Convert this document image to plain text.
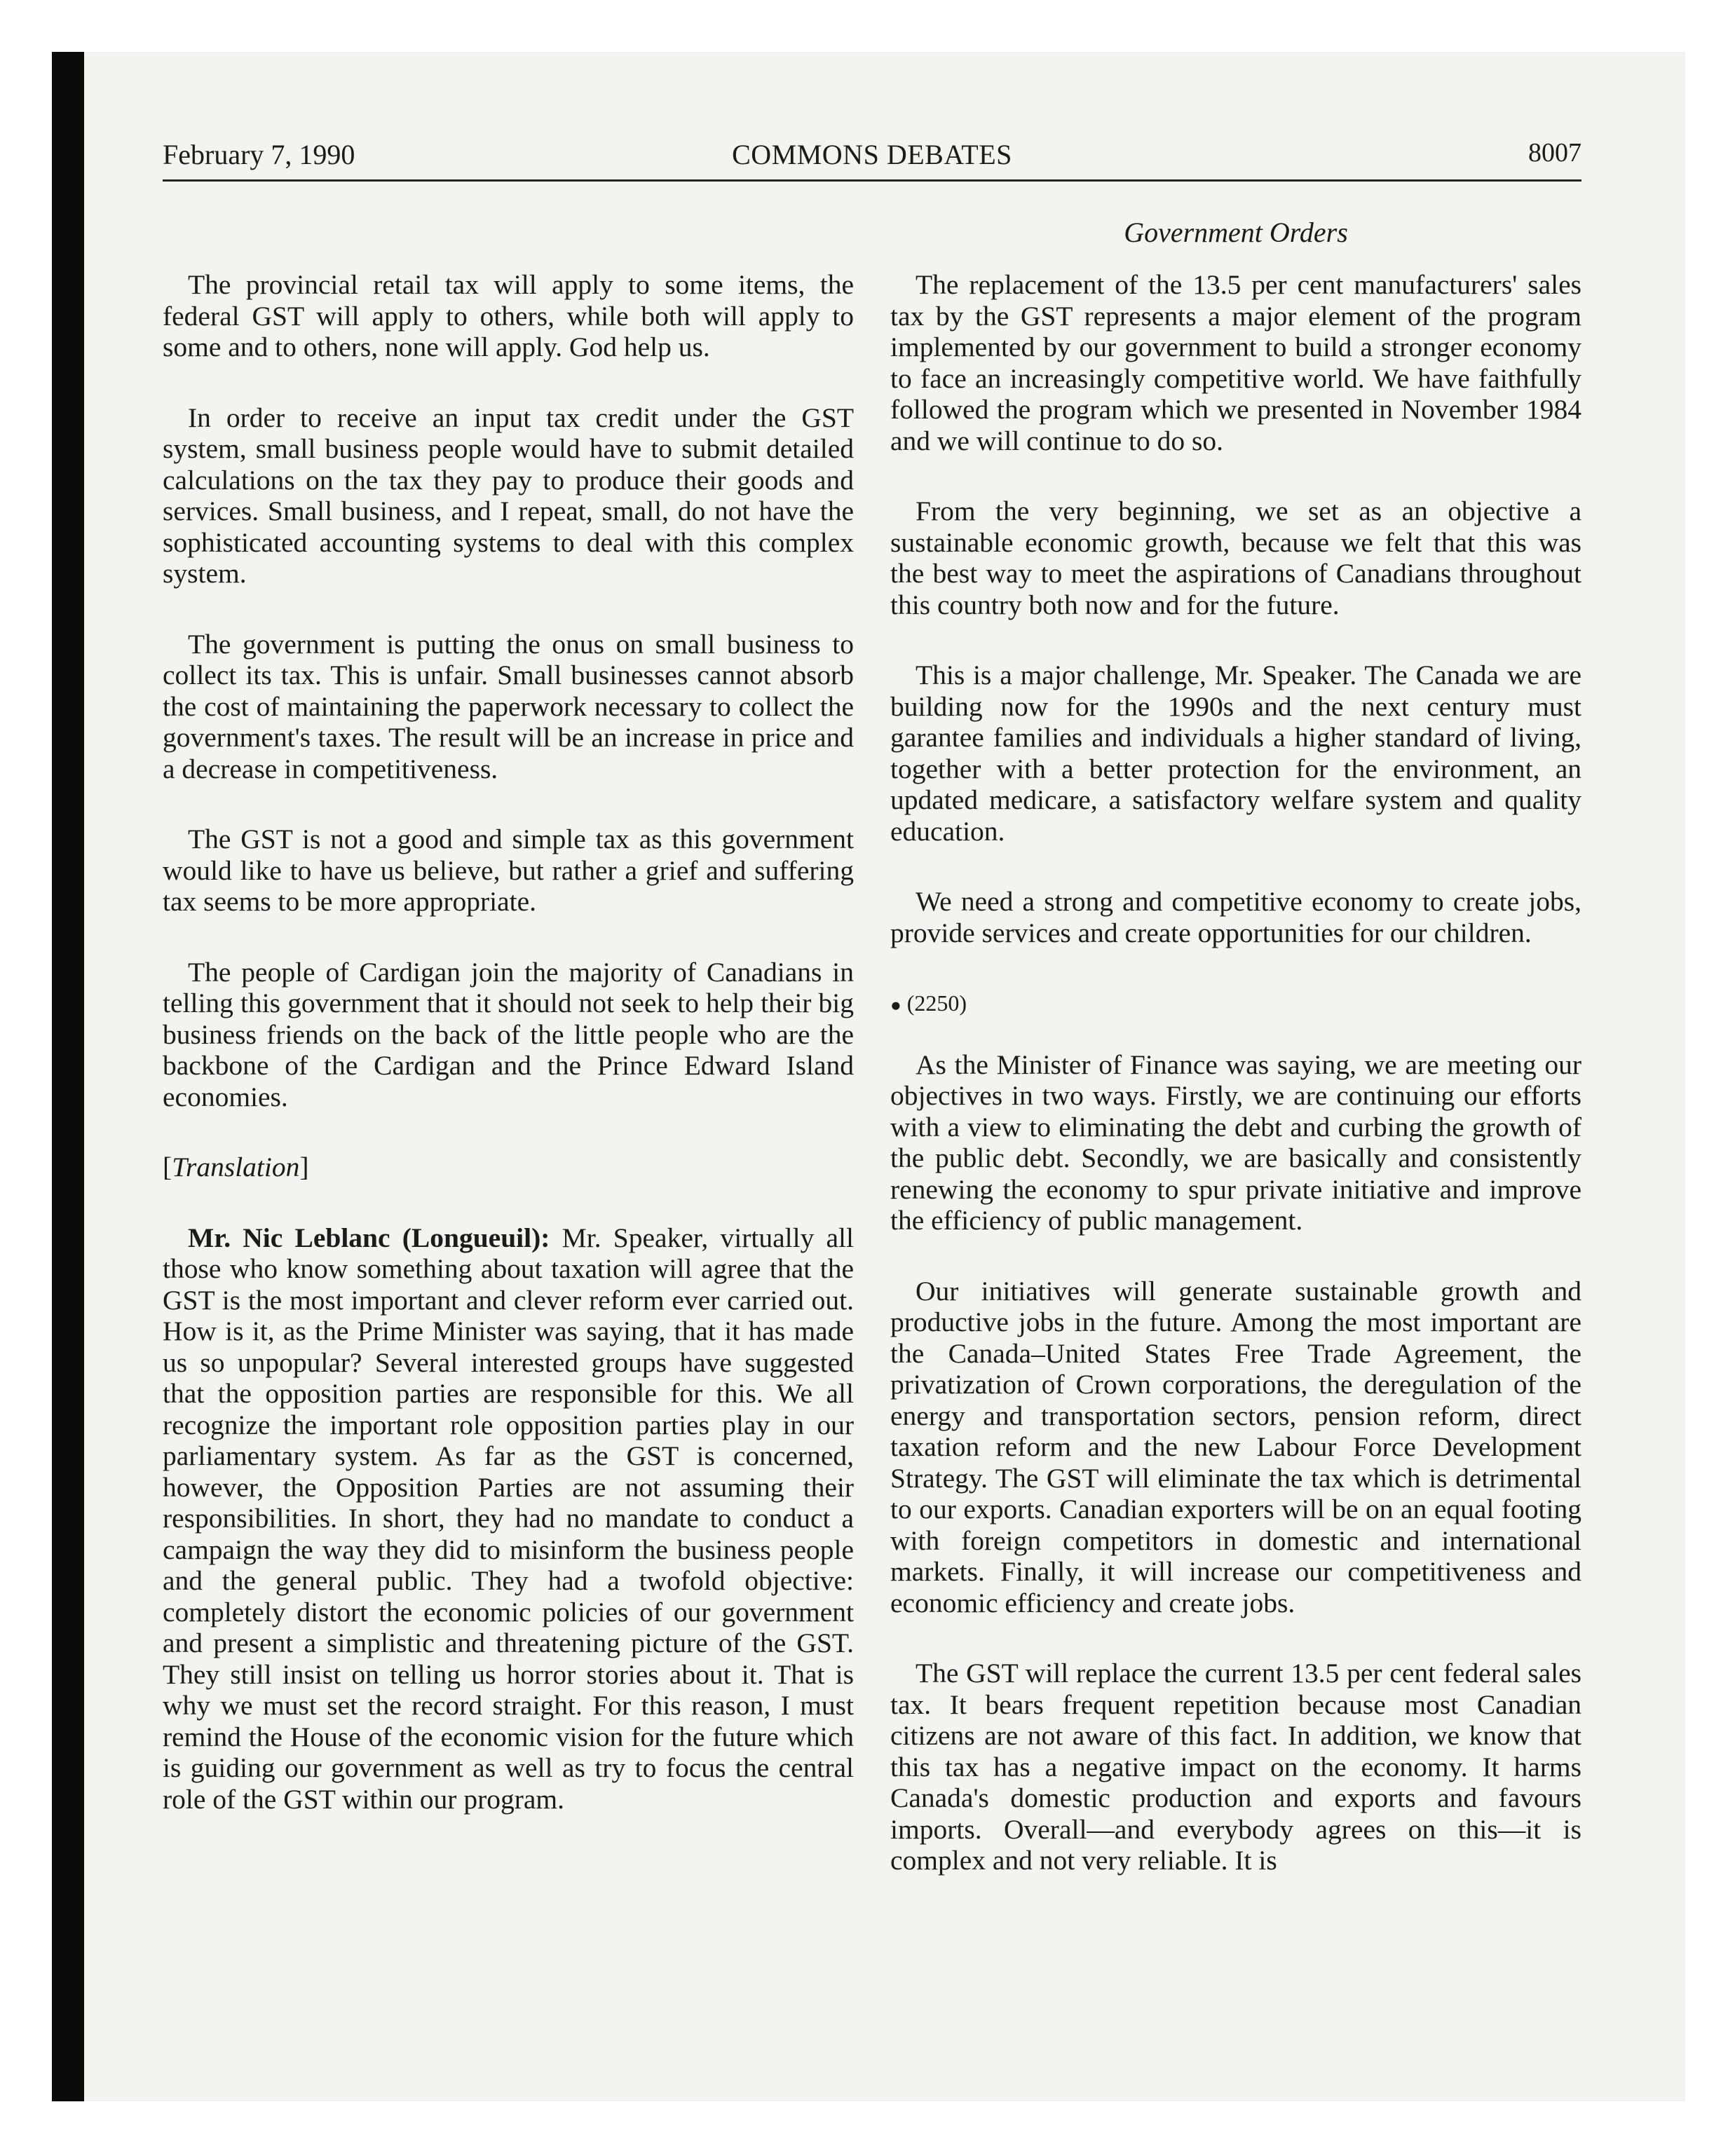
February 7, 1990	COMMONS DEBATES	8007
Government Orders

The provincial retail tax will apply to some items, the federal GST will apply to others, while both will apply to some and to others, none will apply. God help us.

In order to receive an input tax credit under the GST system, small business people would have to submit detailed calculations on the tax they pay to produce their goods and services. Small business, and I repeat, small, do not have the sophisticated accounting systems to deal with this complex system.

The government is putting the onus on small business to collect its tax. This is unfair. Small businesses cannot absorb the cost of maintaining the paperwork necessary to collect the government's taxes. The result will be an increase in price and a decrease in competitiveness.

The GST is not a good and simple tax as this government would like to have us believe, but rather a grief and suffering tax seems to be more appropriate.

The people of Cardigan join the majority of Canadians in telling this government that it should not seek to help their big business friends on the back of the little people who are the backbone of the Cardigan and the Prince Edward Island economies.

[Translation]

Mr. Nic Leblanc (Longueuil): Mr. Speaker, virtually all those who know something about taxation will agree that the GST is the most important and clever reform ever carried out. How is it, as the Prime Minister was saying, that it has made us so unpopular? Several interested groups have suggested that the opposition parties are responsible for this. We all recognize the important role opposition parties play in our parliamentary system. As far as the GST is concerned, however, the Opposition Parties are not assuming their responsibilities. In short, they had no mandate to conduct a campaign the way they did to misinform the business people and the general public. They had a twofold objective: completely distort the economic policies of our government and present a simplistic and threatening picture of the GST. They still insist on telling us horror stories about it. That is why we must set the record straight. For this reason, I must remind the House of the economic vision for the future which is guiding our government as well as try to focus the central role of the GST within our program.

The replacement of the 13.5 per cent manufacturers' sales tax by the GST represents a major element of the program implemented by our government to build a stronger economy to face an increasingly competitive world. We have faithfully followed the program which we presented in November 1984 and we will continue to do so.

From the very beginning, we set as an objective a sustainable economic growth, because we felt that this was the best way to meet the aspirations of Canadians throughout this country both now and for the future.

This is a major challenge, Mr. Speaker. The Canada we are building now for the 1990s and the next century must garantee families and individuals a higher standard of living, together with a better protection for the environment, an updated medicare, a satisfactory welfare system and quality education.

We need a strong and competitive economy to create jobs, provide services and create opportunities for our children.

● (2250)

As the Minister of Finance was saying, we are meeting our objectives in two ways. Firstly, we are continuing our efforts with a view to eliminating the debt and curbing the growth of the public debt. Secondly, we are basically and consistently renewing the economy to spur private initiative and improve the efficiency of public management.

Our initiatives will generate sustainable growth and productive jobs in the future. Among the most important are the Canada–United States Free Trade Agreement, the privatization of Crown corporations, the deregulation of the energy and transportation sectors, pension reform, direct taxation reform and the new Labour Force Development Strategy. The GST will eliminate the tax which is detrimental to our exports. Canadian exporters will be on an equal footing with foreign competitors in domestic and international markets. Finally, it will increase our competitiveness and economic efficiency and create jobs.

The GST will replace the current 13.5 per cent federal sales tax. It bears frequent repetition because most Canadian citizens are not aware of this fact. In addition, we know that this tax has a negative impact on the economy. It harms Canada's domestic production and exports and favours imports. Overall—and everybody agrees on this—it is complex and not very reliable. It is
